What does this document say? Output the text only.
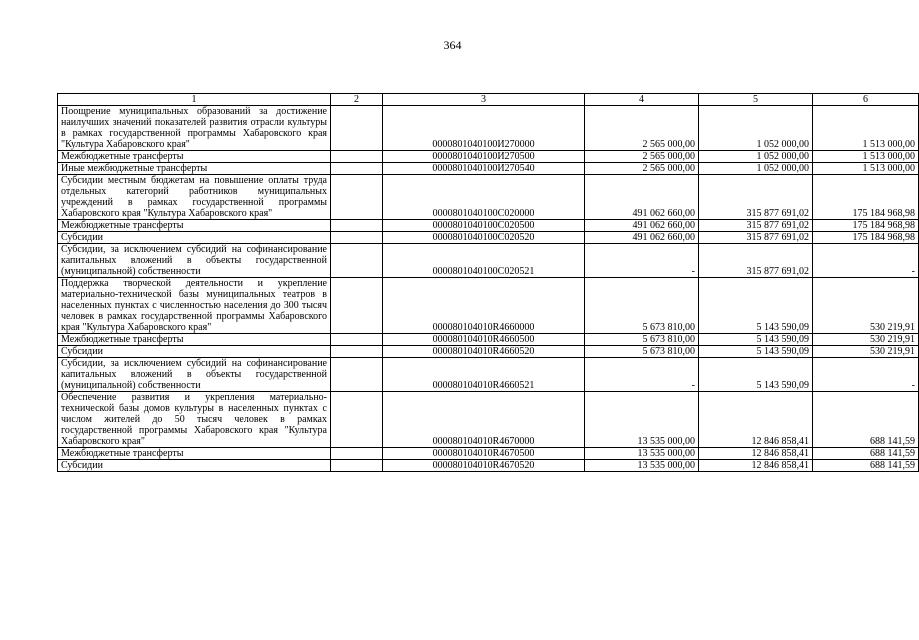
364
1	2	3	4	5	6
Поощрение муниципальных образований за достижение наилучших значений показателей развития отрасли культуры в рамках государственной программы Хабаровского края "Культура Хабаровского края"		0000801040100И270000	2 565 000,00	1 052 000,00	1 513 000,00
Межбюджетные трансферты		0000801040100И270500	2 565 000,00	1 052 000,00	1 513 000,00
Иные межбюджетные трансферты		0000801040100И270540	2 565 000,00	1 052 000,00	1 513 000,00
Субсидии местным бюджетам на повышение оплаты труда отдельных категорий работников муниципальных учреждений в рамках государственной программы Хабаровского края "Культура Хабаровского края"		0000801040100С020000	491 062 660,00	315 877 691,02	175 184 968,98
Межбюджетные трансферты		0000801040100С020500	491 062 660,00	315 877 691,02	175 184 968,98
Субсидии		0000801040100С020520	491 062 660,00	315 877 691,02	175 184 968,98
Субсидии, за исключением субсидий на софинансирование капитальных вложений в объекты государственной (муниципальной) собственности		0000801040100С020521	-	315 877 691,02	-
Поддержка творческой деятельности и укрепление материально-технической базы муниципальных театров в населенных пунктах с численностью населения до 300 тысяч человек в рамках государственной программы Хабаровского края "Культура Хабаровского края"		000080104010R4660000	5 673 810,00	5 143 590,09	530 219,91
Межбюджетные трансферты		000080104010R4660500	5 673 810,00	5 143 590,09	530 219,91
Субсидии		000080104010R4660520	5 673 810,00	5 143 590,09	530 219,91
Субсидии, за исключением субсидий на софинансирование капитальных вложений в объекты государственной (муниципальной) собственности		000080104010R4660521	-	5 143 590,09	-
Обеспечение развития и укрепления материально-технической базы домов культуры в населенных пунктах с числом жителей до 50 тысяч человек в рамках государственной программы Хабаровского края "Культура Хабаровского края"		000080104010R4670000	13 535 000,00	12 846 858,41	688 141,59
Межбюджетные трансферты		000080104010R4670500	13 535 000,00	12 846 858,41	688 141,59
Субсидии		000080104010R4670520	13 535 000,00	12 846 858,41	688 141,59
